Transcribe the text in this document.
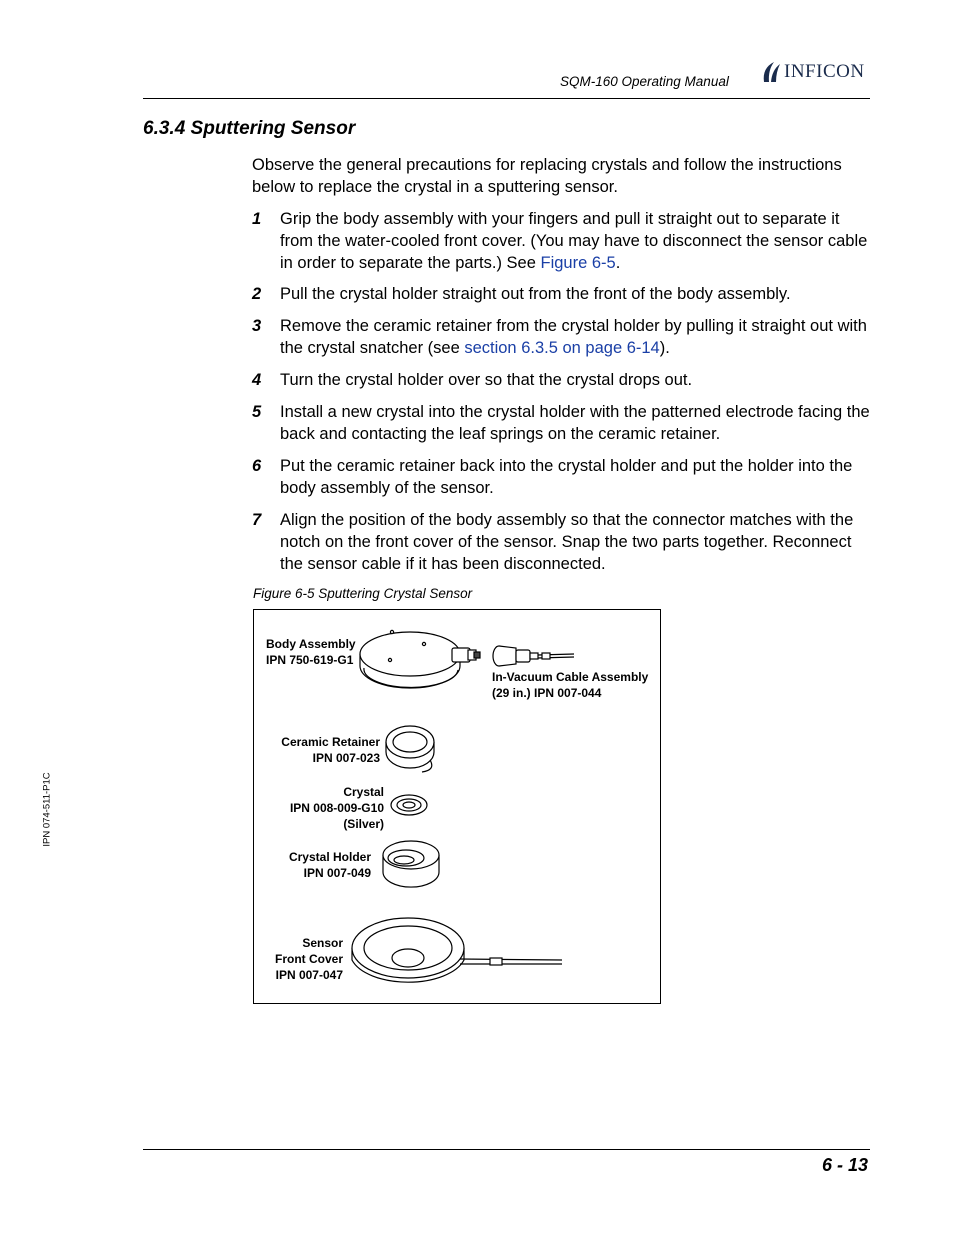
SQM-160 Operating Manual	INFICON
6.3.4 Sputtering Sensor
Observe the general precautions for replacing crystals and follow the instructions below to replace the crystal in a sputtering sensor.
1 Grip the body assembly with your fingers and pull it straight out to separate it from the water-cooled front cover. (You may have to disconnect the sensor cable in order to separate the parts.) See Figure 6-5.
2 Pull the crystal holder straight out from the front of the body assembly.
3 Remove the ceramic retainer from the crystal holder by pulling it straight out with the crystal snatcher (see section 6.3.5 on page 6-14).
4 Turn the crystal holder over so that the crystal drops out.
5 Install a new crystal into the crystal holder with the patterned electrode facing the back and contacting the leaf springs on the ceramic retainer.
6 Put the ceramic retainer back into the crystal holder and put the holder into the body assembly of the sensor.
7 Align the position of the body assembly so that the connector matches with the notch on the front cover of the sensor. Snap the two parts together. Reconnect the sensor cable if it has been disconnected.
Figure 6-5 Sputtering Crystal Sensor
Body Assembly
IPN 750-619-G1
In-Vacuum Cable Assembly
(29 in.) IPN 007-044
Ceramic Retainer
IPN 007-023
Crystal
IPN 008-009-G10
(Silver)
Crystal Holder
IPN 007-049
Sensor
Front Cover
IPN 007-047
IPN 074-511-P1C
6 - 13
